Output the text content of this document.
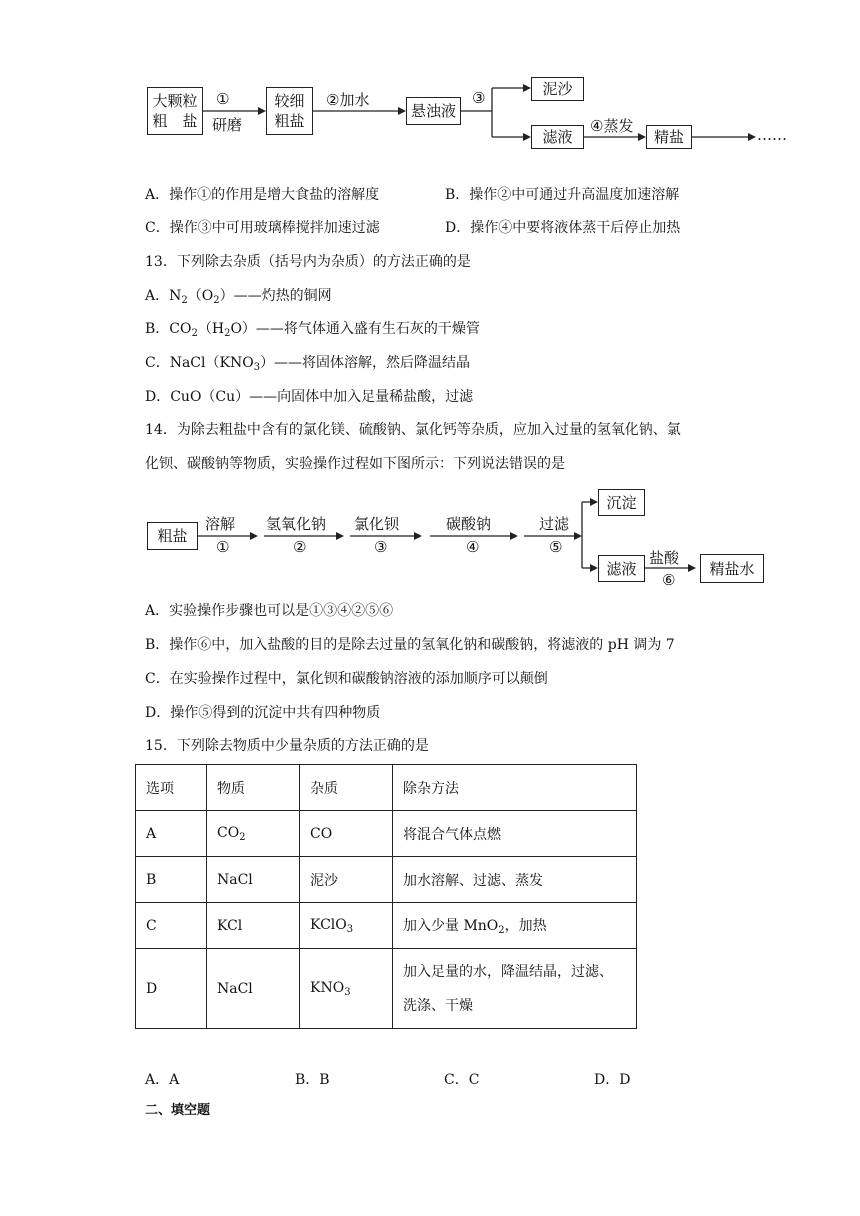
大颗粒
粗　盐
较细
粗盐
悬浊液
泥沙
滤液	精盐
①
研磨
②加水	③
④蒸发	……
A．操作①的作用是增大食盐的溶解度	B．操作②中可通过升高温度加速溶解
C．操作③中可用玻璃棒搅拌加速过滤	D．操作④中要将液体蒸干后停止加热
13．下列除去杂质（括号内为杂质）的方法正确的是
A．$N_2(O_2)——$灼热的铜网
B．$CO_2(H_2O)——$将气体通入盛有生石灰的干燥管
C．$NaCl(KNO_3)——$将固体溶解，然后降温结晶
D．CuO（Cu）——向固体中加入足量稀盐酸，过滤
14．为除去粗盐中含有的氯化镁、硫酸钠、氯化钙等杂质，应加入过量的氢氧化钠、氯
化钡、碳酸钠等物质，实验操作过程如下图所示：下列说法错误的是
粗盐
溶解
①
氢氧化钠
②
氯化钡
③
碳酸钠
④
过滤
⑤
沉淀
滤液
盐酸
⑥
精盐水
A．实验操作步骤也可以是①③④②⑤⑥
B．操作⑥中，加入盐酸的目的是除去过量的氢氧化钠和碳酸钠，将滤液的 pH 调为 7
C．在实验操作过程中，氯化钡和碳酸钠溶液的添加顺序可以颠倒
D．操作⑤得到的沉淀中共有四种物质
15．下列除去物质中少量杂质的方法正确的是
选项	物质	杂质	除杂方法
A	$CO_2$	CO	将混合气体点燃
B	NaCl	泥沙	加水溶解、过滤、蒸发
C	KCl	KClO$_3$	加入少量 MnO$_2$，加热
D	NaCl	$KNO_3$	加入足量的水，降温结晶，过滤、
洗涤、干燥
A．A	B．B	C．C	D．D
二、填空题
